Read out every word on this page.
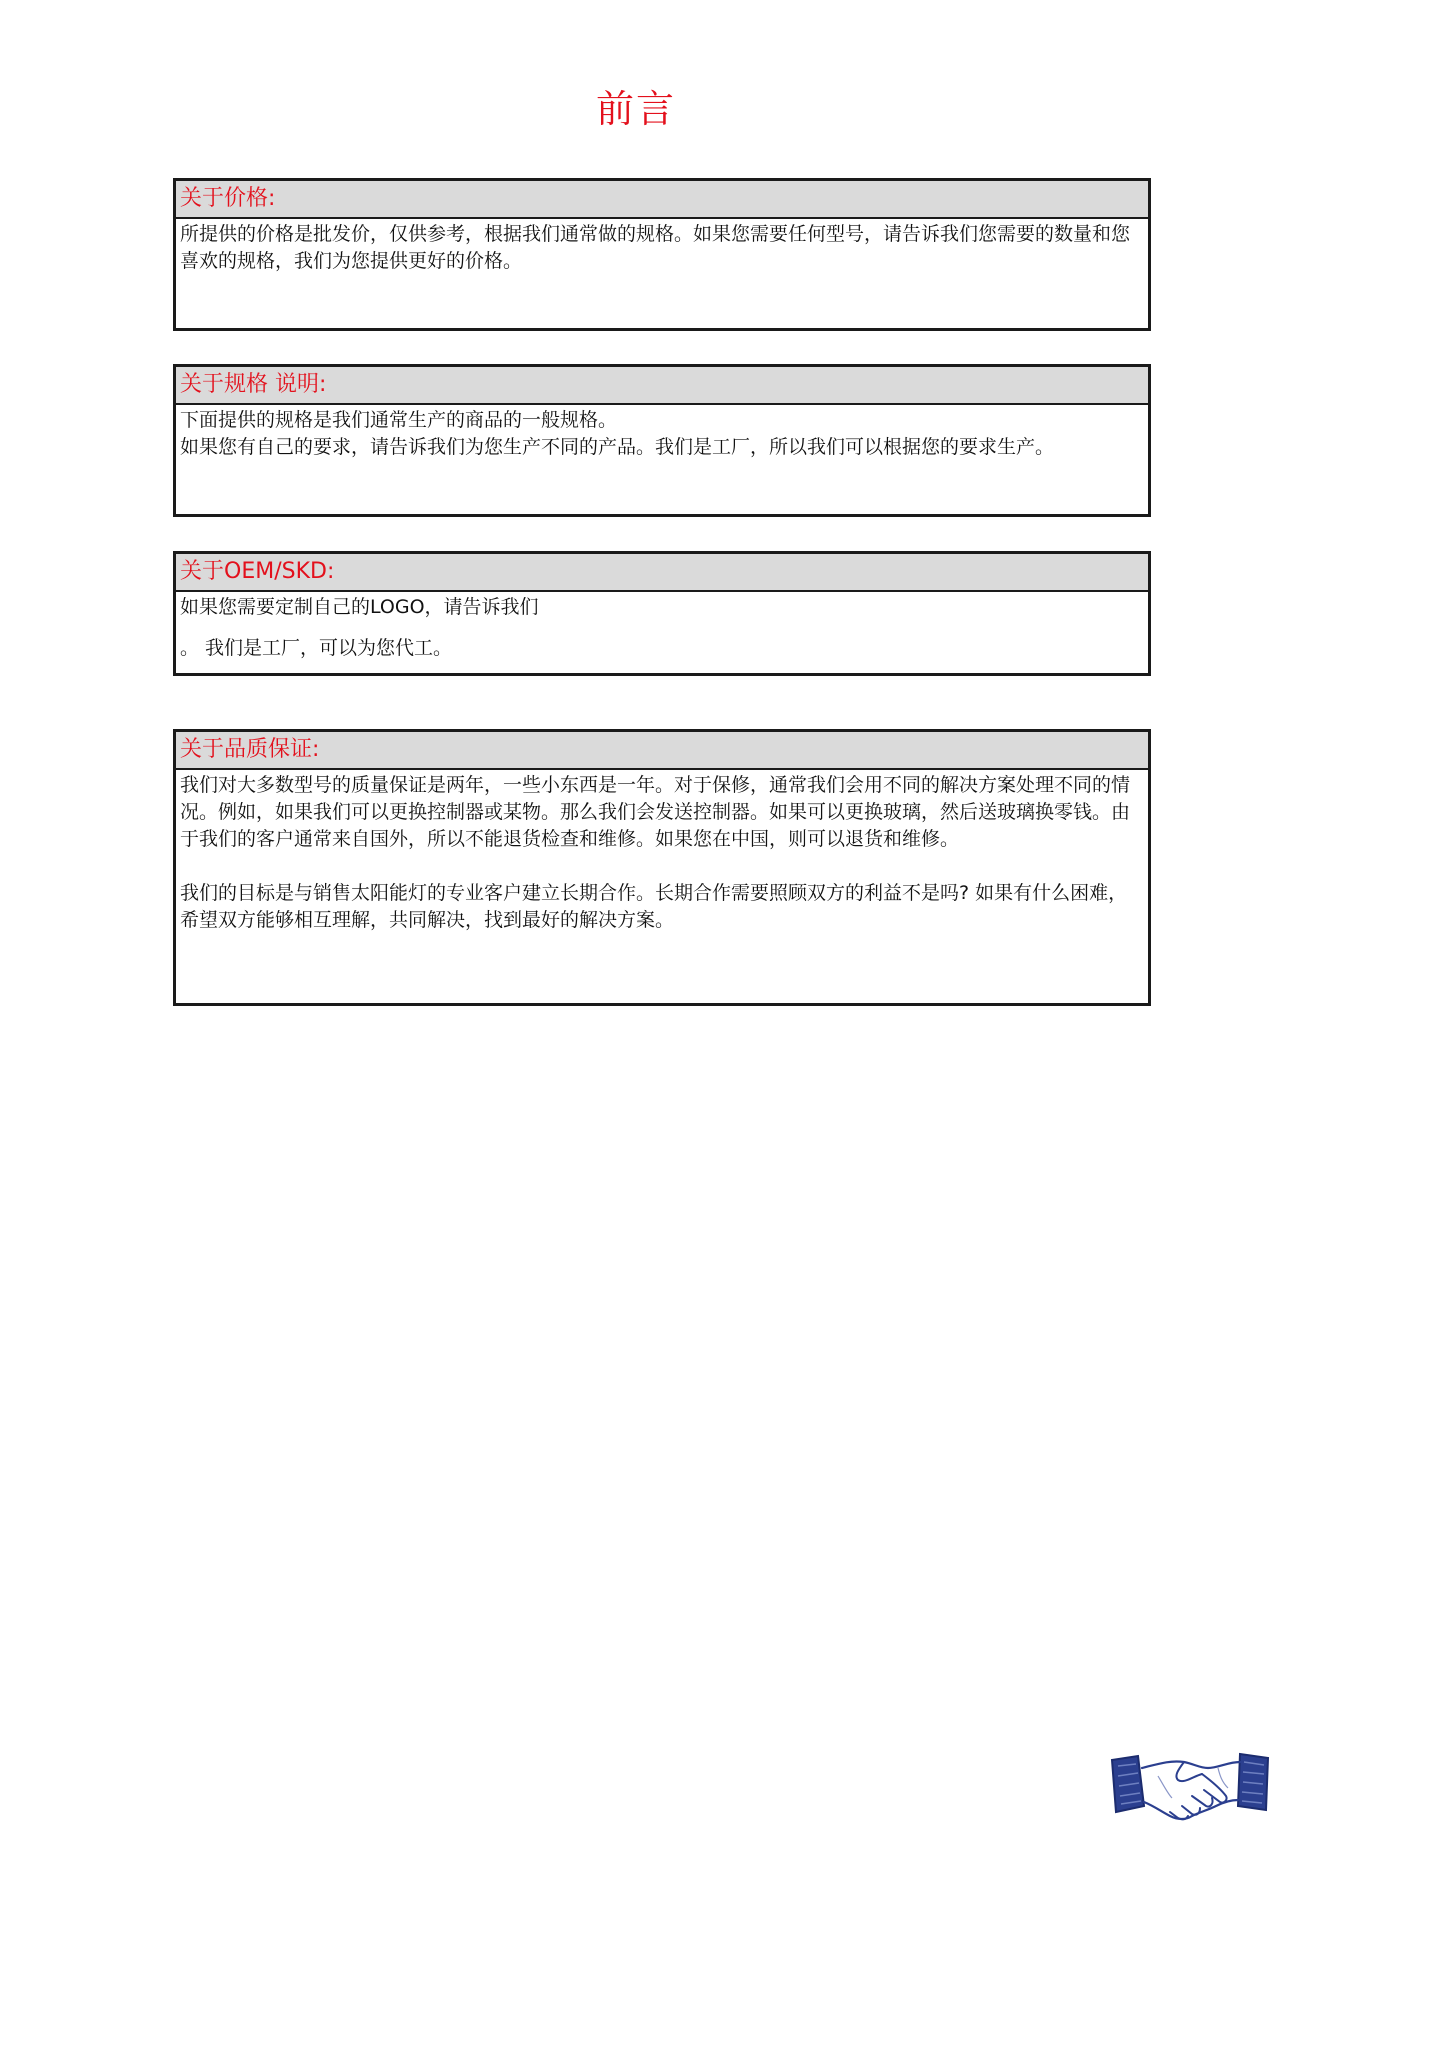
前言
关于价格:

所提供的价格是批发价，仅供参考，根据我们通常做的规格。如果您需要任何型号，请告诉我们您需要的数量和您喜欢的规格，我们为您提供更好的价格。

关于规格 说明:

下面提供的规格是我们通常生产的商品的一般规格。

如果您有自己的要求，请告诉我们为您生产不同的产品。我们是工厂，所以我们可以根据您的要求生产。

关于OEM/SKD:

如果您需要定制自己的LOGO，请告诉我们

。 我们是工厂，可以为您代工。

关于品质保证:

我们对大多数型号的质量保证是两年，一些小东西是一年。对于保修，通常我们会用不同的解决方案处理不同的情况。例如，如果我们可以更换控制器或某物。那么我们会发送控制器。如果可以更换玻璃，然后送玻璃换零钱。由于我们的客户通常来自国外，所以不能退货检查和维修。如果您在中国，则可以退货和维修。

我们的目标是与销售太阳能灯的专业客户建立长期合作。长期合作需要照顾双方的利益不是吗? 如果有什么困难，希望双方能够相互理解，共同解决，找到最好的解决方案。
